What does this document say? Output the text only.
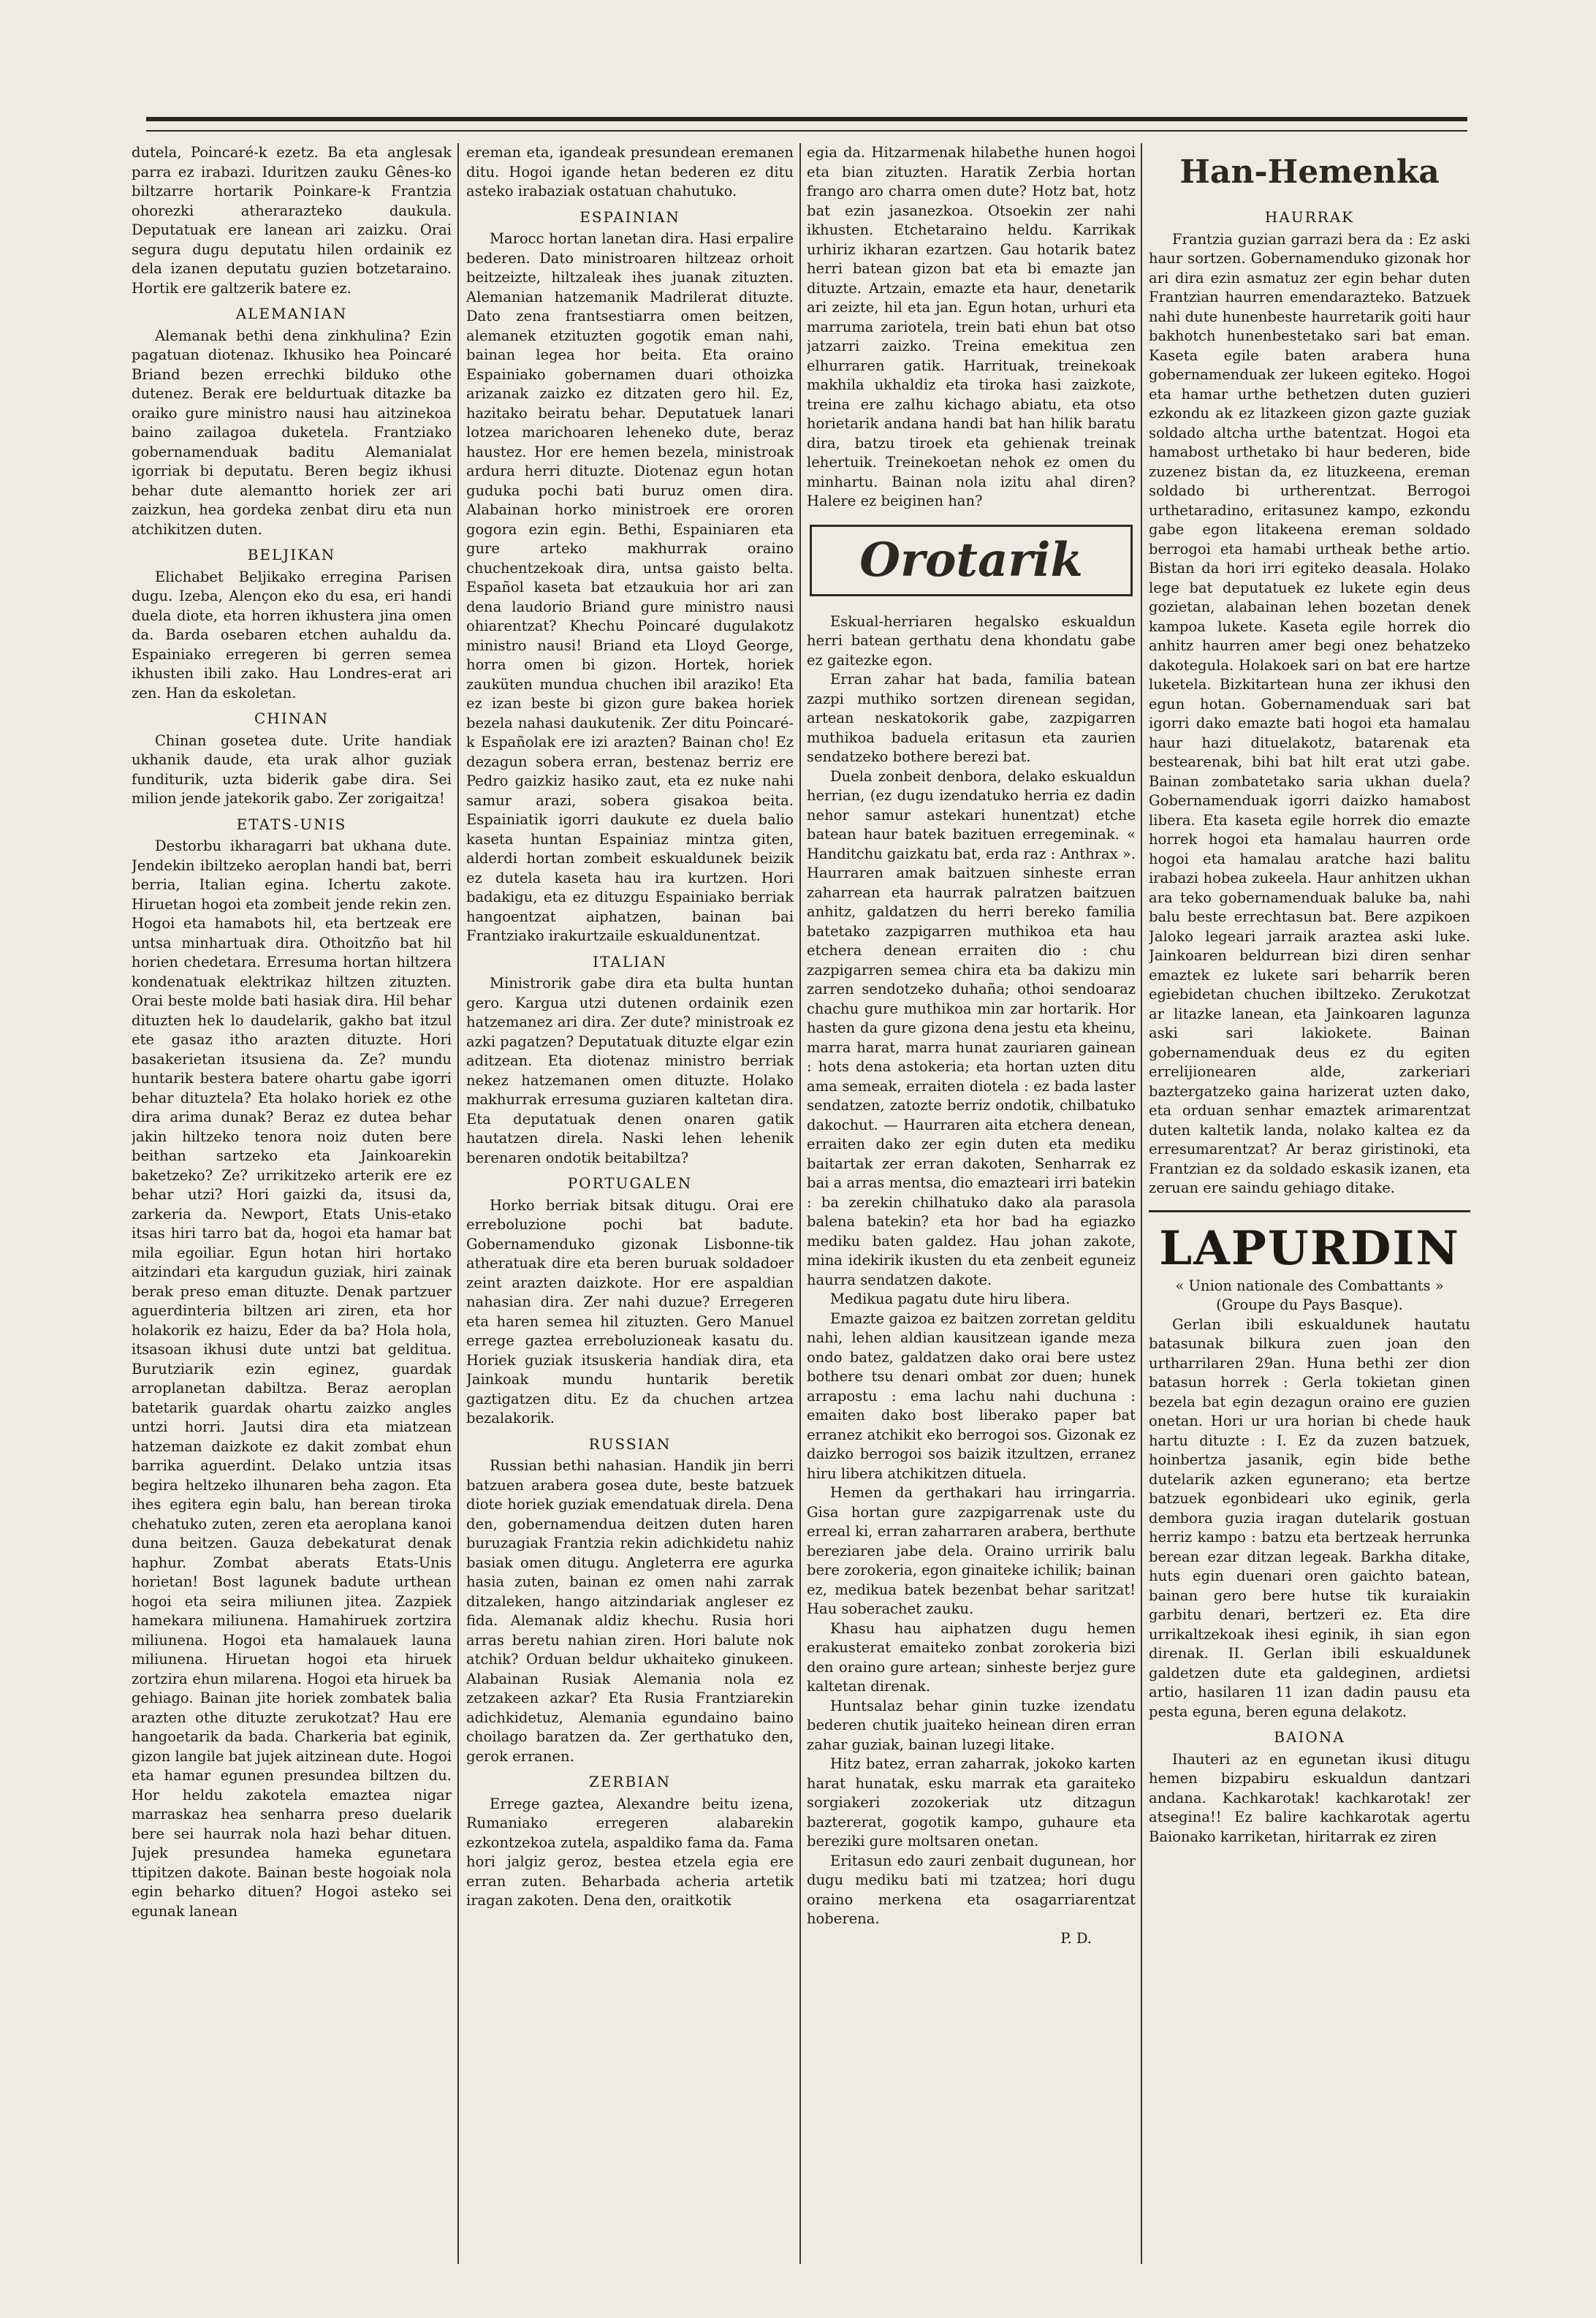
dutela, Poincaré-k ezetz. Ba eta anglesak parra ez irabazi. Iduritzen zauku Gênes-ko biltzarre hortarik Poinkare-k Frantzia ohorezki atherarazteko daukula. Deputatuak ere lanean ari zaizku. Orai segura dugu deputatu hilen ordainik ez dela izanen deputatu guzien botzetaraino. Hortik ere galtzerik batere ez.

ALEMANIAN

Alemanak bethi dena zinkhulina? Ezin pagatuan diotenaz. Ikhusiko hea Poincaré Briand bezen errechki bilduko othe dutenez. Berak ere beldurtuak ditazke ba oraiko gure ministro nausi hau aitzinekoa baino zailagoa duketela. Frantziako gobernamenduak baditu Alemanialat igorriak bi deputatu. Beren begiz ikhusi behar dute alemantto horiek zer ari zaizkun, hea gordeka zenbat diru eta nun atchikitzen duten.

BELJIKAN

Elichabet Beljikako erregina Parisen dugu. Izeba, Alençon eko du esa, eri handi duela diote, eta horren ikhustera jina omen da. Barda osebaren etchen auhaldu da. Espainiako erregeren bi gerren semea ikhusten ibili zako. Hau Londres-erat ari zen. Han da eskoletan.

CHINAN

Chinan gosetea dute. Urite handiak ukhanik daude, eta urak alhor guziak funditurik, uzta biderik gabe dira. Sei milion jende jatekorik gabo. Zer zorigaitza!

ETATS-UNIS

Destorbu ikharagarri bat ukhana dute. Jendekin ibiltzeko aeroplan handi bat, berri berria, Italian egina. Ichertu zakote. Hiruetan hogoi eta zombeit jende rekin zen. Hogoi eta hamabots hil, eta bertzeak ere untsa minhartuak dira. Othoitzño bat hil horien chedetara. Erresuma hortan hiltzera kondenatuak elektrikaz hiltzen zituzten. Orai beste molde bati hasiak dira. Hil behar dituzten hek lo daudelarik, gakho bat itzul ete gasaz itho arazten dituzte. Hori basakerietan itsusiena da. Ze? mundu huntarik bestera batere ohartu gabe igorri behar dituztela? Eta holako horiek ez othe dira arima dunak? Beraz ez dutea behar jakin hiltzeko tenora noiz duten bere beithan sartzeko eta Jainkoarekin baketzeko? Ze? urrikitzeko arterik ere ez behar utzi? Hori gaizki da, itsusi da, zarkeria da. Newport, Etats Unis-etako itsas hiri tarro bat da, hogoi eta hamar bat mila egoiliar. Egun hotan hiri hortako aitzindari eta kargudun guziak, hiri zainak berak preso eman dituzte. Denak partzuer aguerdinteria biltzen ari ziren, eta hor holakorik ez haizu, Eder da ba? Hola hola, itsasoan ikhusi dute untzi bat gelditua. Burutziarik ezin eginez, guardak arroplanetan dabiltza. Beraz aeroplan batetarik guardak ohartu zaizko angles untzi horri. Jautsi dira eta miatzean hatzeman daizkote ez dakit zombat ehun barrika aguerdint. Delako untzia itsas begira heltzeko ilhunaren beha zagon. Eta ihes egitera egin balu, han berean tiroka chehatuko zuten, zeren eta aeroplana kanoi duna beitzen. Gauza debekaturat denak haphur. Zombat aberats Etats-Unis horietan! Bost lagunek badute urthean hogoi eta seira miliunen jitea. Zazpiek hamekara miliunena. Hamahiruek zortzira miliunena. Hogoi eta hamalauek launa miliunena. Hiruetan hogoi eta hiruek zortzira ehun milarena. Hogoi eta hiruek ba gehiago. Bainan jite horiek zombatek balia arazten othe dituzte zerukotzat? Hau ere hangoetarik da bada. Charkeria bat eginik, gizon langile bat jujek aitzinean dute. Hogoi eta hamar egunen presundea biltzen du. Hor heldu zakotela emaztea nigar marraskaz hea senharra preso duelarik bere sei haurrak nola hazi behar dituen. Jujek presundea hameka egunetara ttipitzen dakote. Bainan beste hogoiak nola egin beharko dituen? Hogoi asteko sei egunak lanean

ereman eta, igandeak presundean eremanen ditu. Hogoi igande hetan bederen ez ditu asteko irabaziak ostatuan chahutuko.

ESPAINIAN

Marocc hortan lanetan dira. Hasi erpalire bederen. Dato ministroaren hiltzeaz orhoit beitzeizte, hiltzaleak ihes juanak zituzten. Alemanian hatzemanik Madrilerat dituzte. Dato zena frantsestiarra omen beitzen, alemanek etzituzten gogotik eman nahi, bainan legea hor beita. Eta oraino Espainiako gobernamen duari othoizka arizanak zaizko ez ditzaten gero hil. Ez, hazitako beiratu behar. Deputatuek lanari lotzea marichoaren leheneko dute, beraz haustez. Hor ere hemen bezela, ministroak ardura herri dituzte. Diotenaz egun hotan guduka pochi bati buruz omen dira. Alabainan horko ministroek ere ororen gogora ezin egin. Bethi, Espainiaren eta gure arteko makhurrak oraino chuchentzekoak dira, untsa gaisto belta. Español kaseta bat etzaukuia hor ari zan dena laudorio Briand gure ministro nausi ohiarentzat? Khechu Poincaré dugulakotz ministro nausi! Briand eta Lloyd George, horra omen bi gizon. Hortek, horiek zauküten mundua chuchen ibil araziko! Eta ez izan beste bi gizon gure bakea horiek bezela nahasi daukutenik. Zer ditu Poincaré-k Españolak ere izi arazten? Bainan cho! Ez dezagun sobera erran, bestenaz berriz ere Pedro gaizkiz hasiko zaut, eta ez nuke nahi samur arazi, sobera gisakoa beita. Espainiatik igorri daukute ez duela balio kaseta huntan Espainiaz mintza giten, alderdi hortan zombeit eskualdunek beizik ez dutela kaseta hau ira kurtzen. Hori badakigu, eta ez dituzgu Espainiako berriak hangoentzat aiphatzen, bainan bai Frantziako irakurtzaile eskualdunentzat.

ITALIAN

Ministrorik gabe dira eta bulta huntan gero. Kargua utzi dutenen ordainik ezen hatzemanez ari dira. Zer dute? ministroak ez azki pagatzen? Deputatuak dituzte elgar ezin aditzean. Eta diotenaz ministro berriak nekez hatzemanen omen dituzte. Holako makhurrak erresuma guziaren kaltetan dira. Eta deputatuak denen onaren gatik hautatzen direla. Naski lehen lehenik berenaren ondotik beitabiltza?

PORTUGALEN

Horko berriak bitsak ditugu. Orai ere erreboluzione pochi bat badute. Gobernamenduko gizonak Lisbonne-tik atheratuak dire eta beren buruak soldadoer zeint arazten daizkote. Hor ere aspaldian nahasian dira. Zer nahi duzue? Erregeren eta haren semea hil zituzten. Gero Manuel errege gaztea erreboluzioneak kasatu du. Horiek guziak itsuskeria handiak dira, eta Jainkoak mundu huntarik beretik gaztigatzen ditu. Ez da chuchen artzea bezalakorik.

RUSSIAN

Russian bethi nahasian. Handik jin berri batzuen arabera gosea dute, beste batzuek diote horiek guziak emendatuak direla. Dena den, gobernamendua deitzen duten haren buruzagiak Frantzia rekin adichkidetu nahiz basiak omen ditugu. Angleterra ere agurka hasia zuten, bainan ez omen nahi zarrak ditzaleken, hango aitzindariak angleser ez fida. Alemanak aldiz khechu. Rusia hori arras beretu nahian ziren. Hori balute nok atchik? Orduan beldur ukhaiteko ginukeen. Alabainan Rusiak Alemania nola ez zetzakeen azkar? Eta Rusia Frantziarekin adichkidetuz, Alemania egundaino baino choilago baratzen da. Zer gerthatuko den, gerok erranen.

ZERBIAN

Errege gaztea, Alexandre beitu izena, Rumaniako erregeren alabarekin ezkontzekoa zutela, aspaldiko fama da. Fama hori jalgiz geroz, bestea etzela egia ere erran zuten. Beharbada acheria artetik iragan zakoten. Dena den, oraitkotik

egia da. Hitzarmenak hilabethe hunen hogoi eta bian zituzten. Haratik Zerbia hortan frango aro charra omen dute? Hotz bat, hotz bat ezin jasanezkoa. Otsoekin zer nahi ikhusten. Etchetaraino heldu. Karrikak urhiriz ikharan ezartzen. Gau hotarik batez herri batean gizon bat eta bi emazte jan dituzte. Artzain, emazte eta haur, denetarik ari zeizte, hil eta jan. Egun hotan, urhuri eta marruma zariotela, trein bati ehun bat otso jatzarri zaizko. Treina emekitua zen elhurraren gatik. Harrituak, treinekoak makhila ukhaldiz eta tiroka hasi zaizkote, treina ere zalhu kichago abiatu, eta otso horietarik andana handi bat han hilik baratu dira, batzu tiroek eta gehienak treinak lehertuik. Treinekoetan nehok ez omen du minhartu. Bainan nola izitu ahal diren? Halere ez beiginen han?

Orotarik

Eskual-herriaren hegalsko eskualdun herri batean gerthatu dena khondatu gabe ez gaitezke egon.

Erran zahar hat bada, familia batean zazpi muthiko sortzen direnean segidan, artean neskatokorik gabe, zazpigarren muthikoa baduela eritasun eta zaurien sendatzeko bothere berezi bat.

Duela zonbeit denbora, delako eskualdun herrian, (ez dugu izendatuko herria ez dadin nehor samur astekari hunentzat) etche batean haur batek bazituen erregeminak. « Handitchu gaizkatu bat, erda raz : Anthrax ». Haurraren amak baitzuen sinheste erran zaharrean eta haurrak palratzen baitzuen anhitz, galdatzen du herri bereko familia batetako zazpigarren muthikoa eta hau etchera denean erraiten dio : chu zazpigarren semea chira eta ba dakizu min zarren sendotzeko duhaña; othoi sendoaraz chachu gure muthikoa min zar hortarik. Hor hasten da gure gizona dena jestu eta kheinu, marra harat, marra hunat zauriaren gainean : hots dena astokeria; eta hortan uzten ditu ama semeak, erraiten diotela : ez bada laster sendatzen, zatozte berriz ondotik, chilbatuko dakochut. — Haurraren aita etchera denean, erraiten dako zer egin duten eta mediku baitartak zer erran dakoten, Senharrak ez bai a arras mentsa, dio emazteari irri batekin : ba zerekin chilhatuko dako ala parasola balena batekin? eta hor bad ha egiazko mediku baten galdez. Hau johan zakote, mina idekirik ikusten du eta zenbeit eguneiz haurra sendatzen dakote.

Medikua pagatu dute hiru libera.

Emazte gaizoa ez baitzen zorretan gelditu nahi, lehen aldian kausitzean igande meza ondo batez, galdatzen dako orai bere ustez bothere tsu denari ombat zor duen; hunek arrapostu : ema lachu nahi duchuna : emaiten dako bost liberako paper bat erranez atchikit eko berrogoi sos. Gizonak ez daizko berrogoi sos baizik itzultzen, erranez hiru libera atchikitzen dituela.

Hemen da gerthakari hau irringarria. Gisa hortan gure zazpigarrenak uste du erreal ki, erran zaharraren arabera, berthute bereziaren jabe dela. Oraino urririk balu bere zorokeria, egon ginaiteke ichilik; bainan ez, medikua batek bezenbat behar saritzat! Hau soberachet zauku.

Khasu hau aiphatzen dugu hemen erakusterat emaiteko zonbat zorokeria bizi den oraino gure artean; sinheste berjez gure kaltetan direnak.

Huntsalaz behar ginin tuzke izendatu bederen chutik juaiteko heinean diren erran zahar guziak, bainan luzegi litake.

Hitz batez, erran zaharrak, jokoko karten harat hunatak, esku marrak eta garaiteko sorgiakeri zozokeriak utz ditzagun baztererat, gogotik kampo, guhaure eta bereziki gure moltsaren onetan.

Eritasun edo zauri zenbait dugunean, hor dugu mediku bati mi tzatzea; hori dugu oraino merkena eta osagarriarentzat hoberena.

P. D.

Han-Hemenka
HAURRAK

Frantzia guzian garrazi bera da : Ez aski haur sortzen. Gobernamenduko gizonak hor ari dira ezin asmatuz zer egin behar duten Frantzian haurren emendarazteko. Batzuek nahi dute hunenbeste haurretarik goiti haur bakhotch hunenbestetako sari bat eman. Kaseta egile baten arabera huna gobernamenduak zer lukeen egiteko. Hogoi eta hamar urthe bethetzen duten guzieri ezkondu ak ez litazkeen gizon gazte guziak soldado altcha urthe batentzat. Hogoi eta hamabost urthetako bi haur bederen, bide zuzenez bistan da, ez lituzkeena, ereman soldado bi urtherentzat. Berrogoi urthetaradino, eritasunez kampo, ezkondu gabe egon litakeena ereman soldado berrogoi eta hamabi urtheak bethe artio. Bistan da hori irri egiteko deasala. Holako lege bat deputatuek ez lukete egin deus gozietan, alabainan lehen bozetan denek kampoa lukete. Kaseta egile horrek dio anhitz haurren amer begi onez behatzeko dakotegula. Holakoek sari on bat ere hartze luketela. Bizkitartean huna zer ikhusi den egun hotan. Gobernamenduak sari bat igorri dako emazte bati hogoi eta hamalau haur hazi dituelakotz, batarenak eta bestearenak, bihi bat hilt erat utzi gabe. Bainan zombatetako saria ukhan duela? Gobernamenduak igorri daizko hamabost libera. Eta kaseta egile horrek dio emazte horrek hogoi eta hamalau haurren orde hogoi eta hamalau aratche hazi balitu irabazi hobea zukeela. Haur anhitzen ukhan ara teko gobernamenduak baluke ba, nahi balu beste errechtasun bat. Bere azpikoen Jaloko legeari jarraik araztea aski luke. Jainkoaren beldurrean bizi diren senhar emaztek ez lukete sari beharrik beren egiebidetan chuchen ibiltzeko. Zerukotzat ar litazke lanean, eta Jainkoaren lagunza aski sari lakiokete. Bainan gobernamenduak deus ez du egiten errelijionearen alde, zarkeriari baztergatzeko gaina harizerat uzten dako, eta orduan senhar emaztek arimarentzat duten kaltetik landa, nolako kaltea ez da erresumarentzat? Ar beraz giristinoki, eta Frantzian ez da soldado eskasik izanen, eta zeruan ere saindu gehiago ditake.

LAPURDIN

« Union nationale des Combattants »

(Groupe du Pays Basque).

Gerlan ibili eskualdunek hautatu batasunak bilkura zuen joan den urtharrilaren 29an. Huna bethi zer dion batasun horrek : Gerla tokietan ginen bezela bat egin dezagun oraino ere guzien onetan. Hori ur ura horian bi chede hauk hartu dituzte : I. Ez da zuzen batzuek, hoinbertza jasanik, egin bide bethe dutelarik azken egunerano; eta bertze batzuek egonbideari uko eginik, gerla dembora guzia iragan dutelarik gostuan herriz kampo : batzu eta bertzeak herrunka berean ezar ditzan legeak. Barkha ditake, huts egin duenari oren gaichto batean, bainan gero bere hutse tik kuraiakin garbitu denari, bertzeri ez. Eta dire urrikaltzekoak ihesi eginik, ih sian egon direnak. II. Gerlan ibili eskualdunek galdetzen dute eta galdeginen, ardietsi artio, hasilaren 11 izan dadin pausu eta pesta eguna, beren eguna delakotz.

BAIONA

Ihauteri az en egunetan ikusi ditugu hemen bizpabiru eskualdun dantzari andana. Kachkarotak! kachkarotak! zer atsegina!! Ez balire kachkarotak agertu Baionako karriketan, hiritarrak ez ziren
